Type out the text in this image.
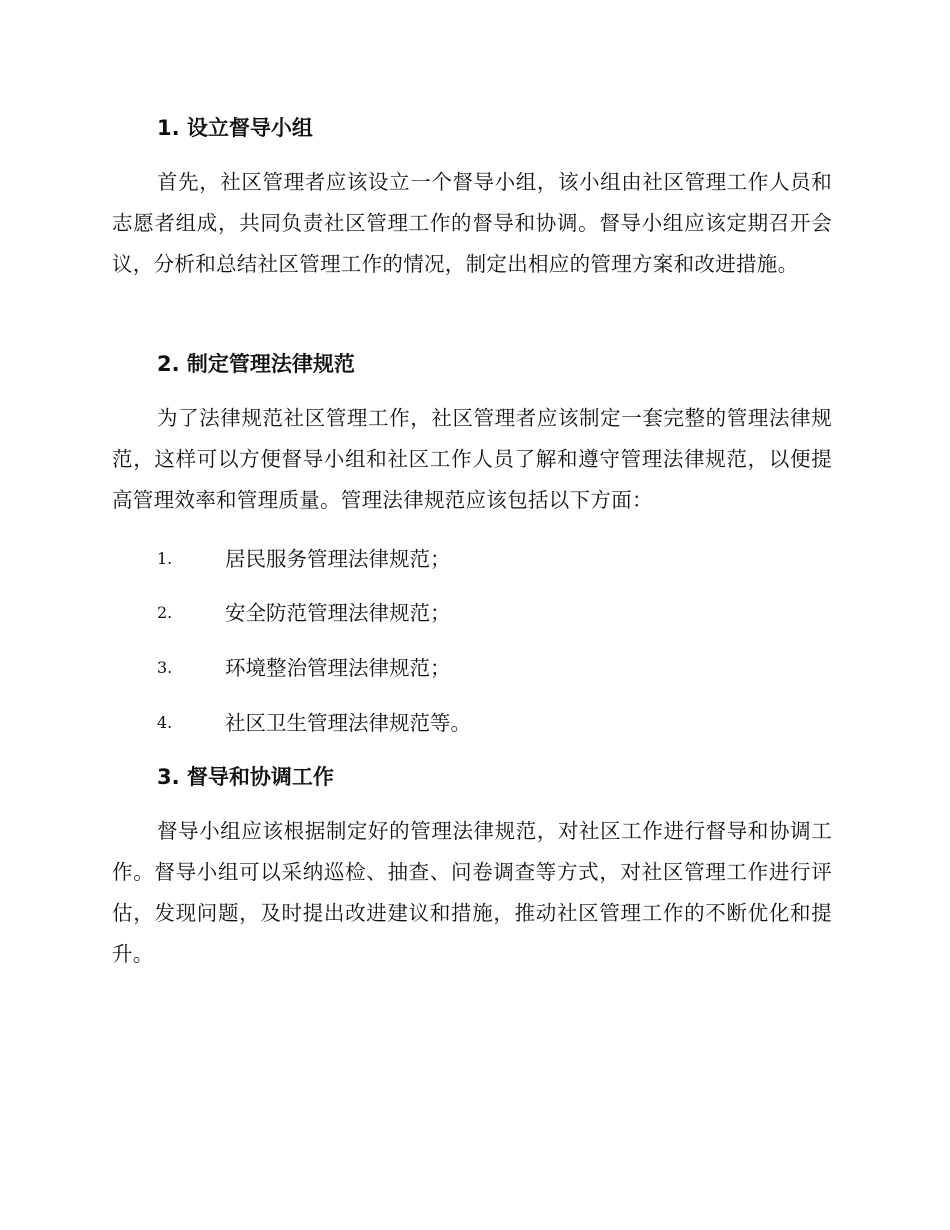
1. 设立督导小组
首先，社区管理者应该设立一个督导小组，该小组由社区管理工作人员和志愿者组成，共同负责社区管理工作的督导和协调。督导小组应该定期召开会议，分析和总结社区管理工作的情况，制定出相应的管理方案和改进措施。
2. 制定管理法律规范
为了法律规范社区管理工作，社区管理者应该制定一套完整的管理法律规范，这样可以方便督导小组和社区工作人员了解和遵守管理法律规范，以便提高管理效率和管理质量。管理法律规范应该包括以下方面：
1.	居民服务管理法律规范；
2.	安全防范管理法律规范；
3.	环境整治管理法律规范；
4.	社区卫生管理法律规范等。
3. 督导和协调工作
督导小组应该根据制定好的管理法律规范，对社区工作进行督导和协调工作。督导小组可以采纳巡检、抽查、问卷调查等方式，对社区管理工作进行评估，发现问题，及时提出改进建议和措施，推动社区管理工作的不断优化和提升。
